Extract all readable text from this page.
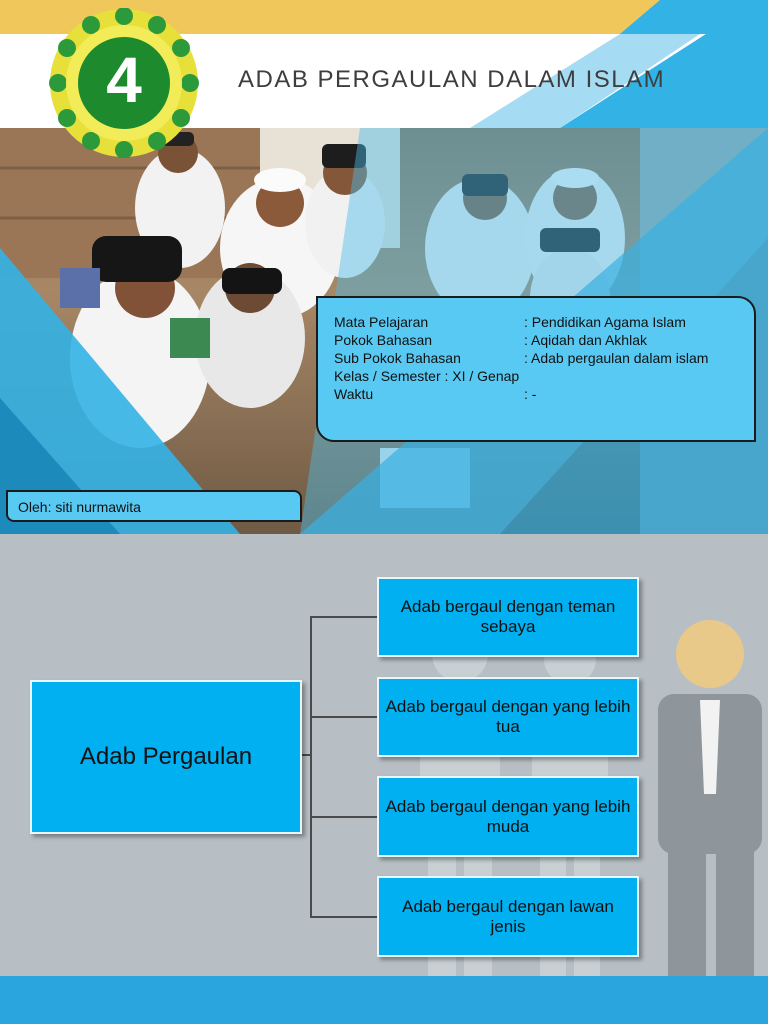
4	ADAB PERGAULAN DALAM ISLAM
Mata Pelajaran	: Pendidikan Agama Islam
Pokok Bahasan	: Aqidah dan Akhlak
Sub Pokok Bahasan	: Adab pergaulan dalam islam
Kelas / Semester : XI / Genap
Waktu	: -
Oleh: siti nurmawita
Adab Pergaulan
Adab bergaul dengan teman sebaya
Adab bergaul dengan yang lebih tua
Adab bergaul dengan yang lebih muda
Adab bergaul dengan lawan jenis
